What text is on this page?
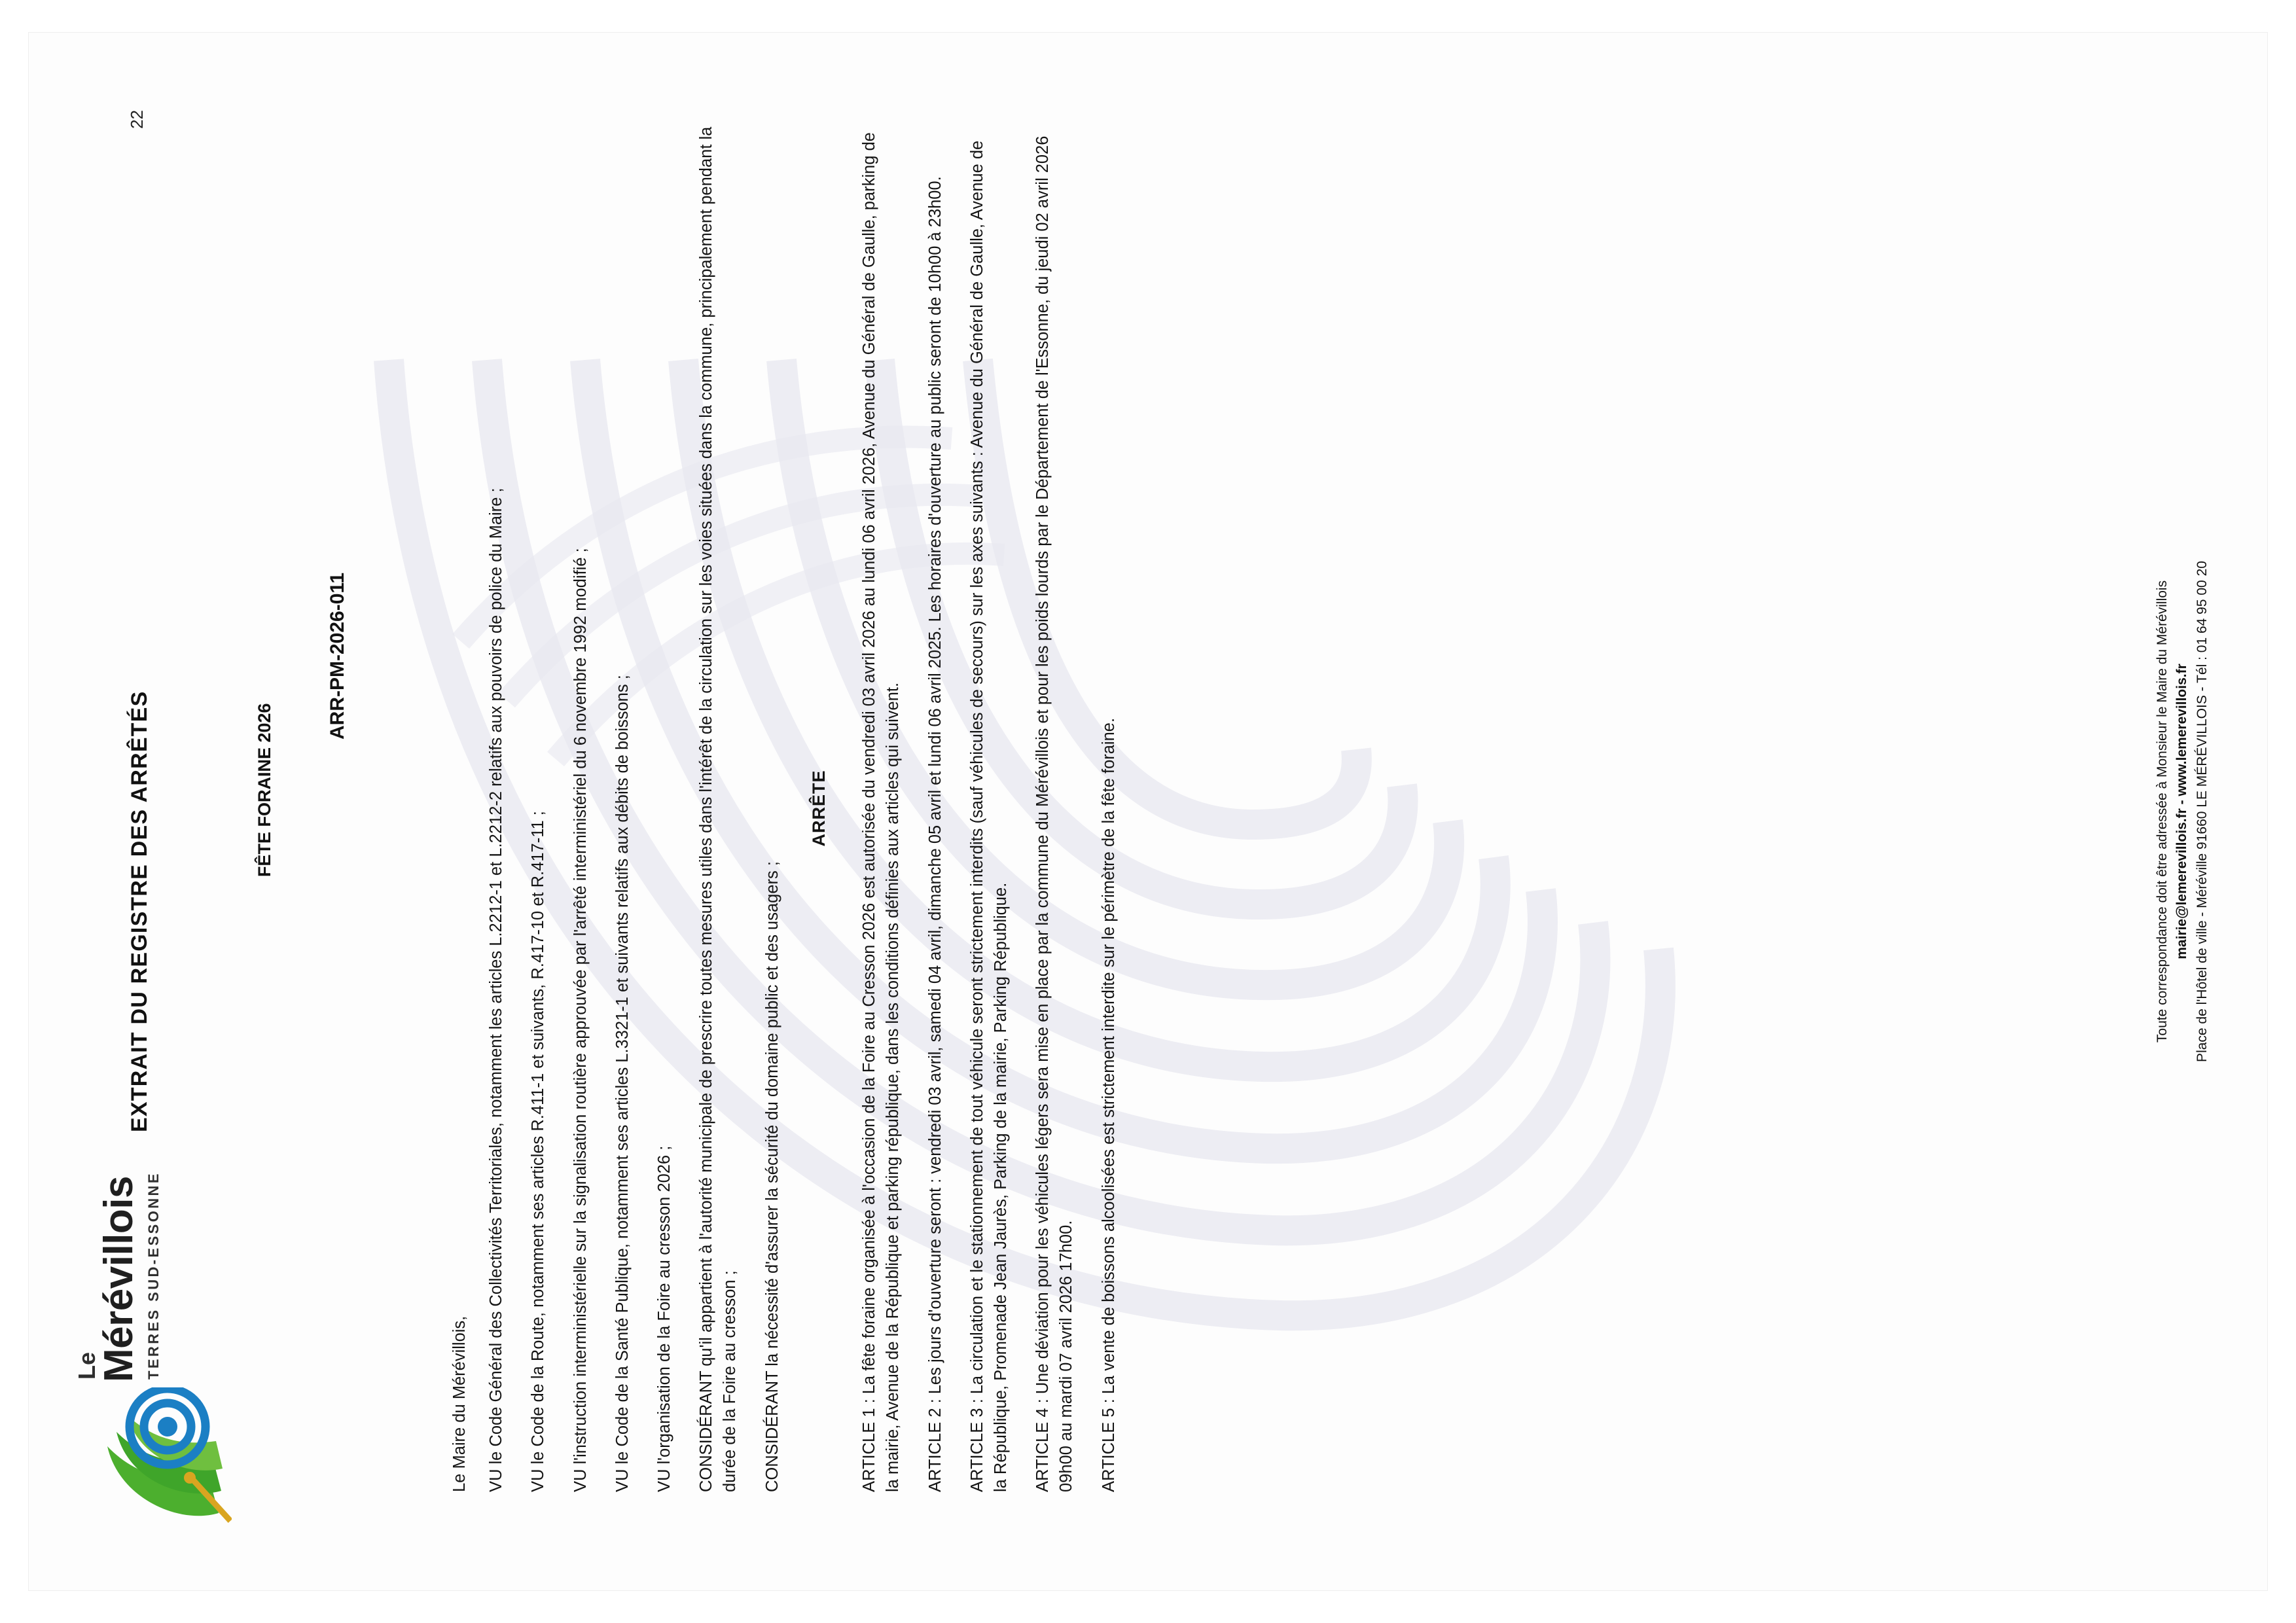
Le
Mérévillois TERRES SUD-ESSONNE
EXTRAIT DU REGISTRE DES ARRÊTÉS	FÊTE FORAINE 2026
ARR-PM-2026-011
22

Le Maire du Mérévillois, VU le Code Général des Collectivités Territoriales, notamment les articles L.2212-1 et L.2212-2 relatifs aux pouvoirs de police du Maire ; VU le Code de la Route, notamment ses articles R.411-1 et suivants, R.417-10 et R.417-11 ; VU l'instruction interministérielle sur la signalisation routière approuvée par l'arrêté interministériel du 6 novembre 1992 modifié ; VU le Code de la Santé Publique, notamment ses articles L.3321-1 et suivants relatifs aux débits de boissons ; VU l'organisation de la Foire au cresson 2026 ; CONSIDÉRANT qu'il appartient à l'autorité municipale de prescrire toutes mesures utiles dans l'intérêt de la circulation sur les voies situées dans la commune, principalement pendant la durée de la Foire au cresson ; CONSIDÉRANT la nécessité d'assurer la sécurité du domaine public et des usagers ;

ARRÊTE ARTICLE 1 : La fête foraine organisée à l'occasion de la Foire au Cresson 2026 est autorisée du vendredi 03 avril 2026 au lundi 06 avril 2026, Avenue du Général de Gaulle, parking de la mairie, Avenue de la République et parking république, dans les conditions définies aux articles qui suivent. ARTICLE 2 : Les jours d'ouverture seront : vendredi 03 avril, samedi 04 avril, dimanche 05 avril et lundi 06 avril 2025. Les horaires d'ouverture au public seront de 10h00 à 23h00. ARTICLE 3 : La circulation et le stationnement de tout véhicule seront strictement interdits (sauf véhicules de secours) sur les axes suivants : Avenue du Général de Gaulle, Avenue de la République, Promenade Jean Jaurès, Parking de la mairie, Parking République. ARTICLE 4 : Une déviation pour les véhicules légers sera mise en place par la commune du Mérévillois et pour les poids lourds par le Département de l'Essonne, du jeudi 02 avril 2026 09h00 au mardi 07 avril 2026 17h00. ARTICLE 5 : La vente de boissons alcoolisées est strictement interdite sur le périmètre de la fête foraine.	Toute correspondance doit être adressée à Monsieur le Maire du Mérévillois mairie@lemerevillois.fr - www.lemerevillois.fr Place de l'Hôtel de ville - Méréville 91660 LE MÉRÉVILLOIS - Tél : 01 64 95 00 20
